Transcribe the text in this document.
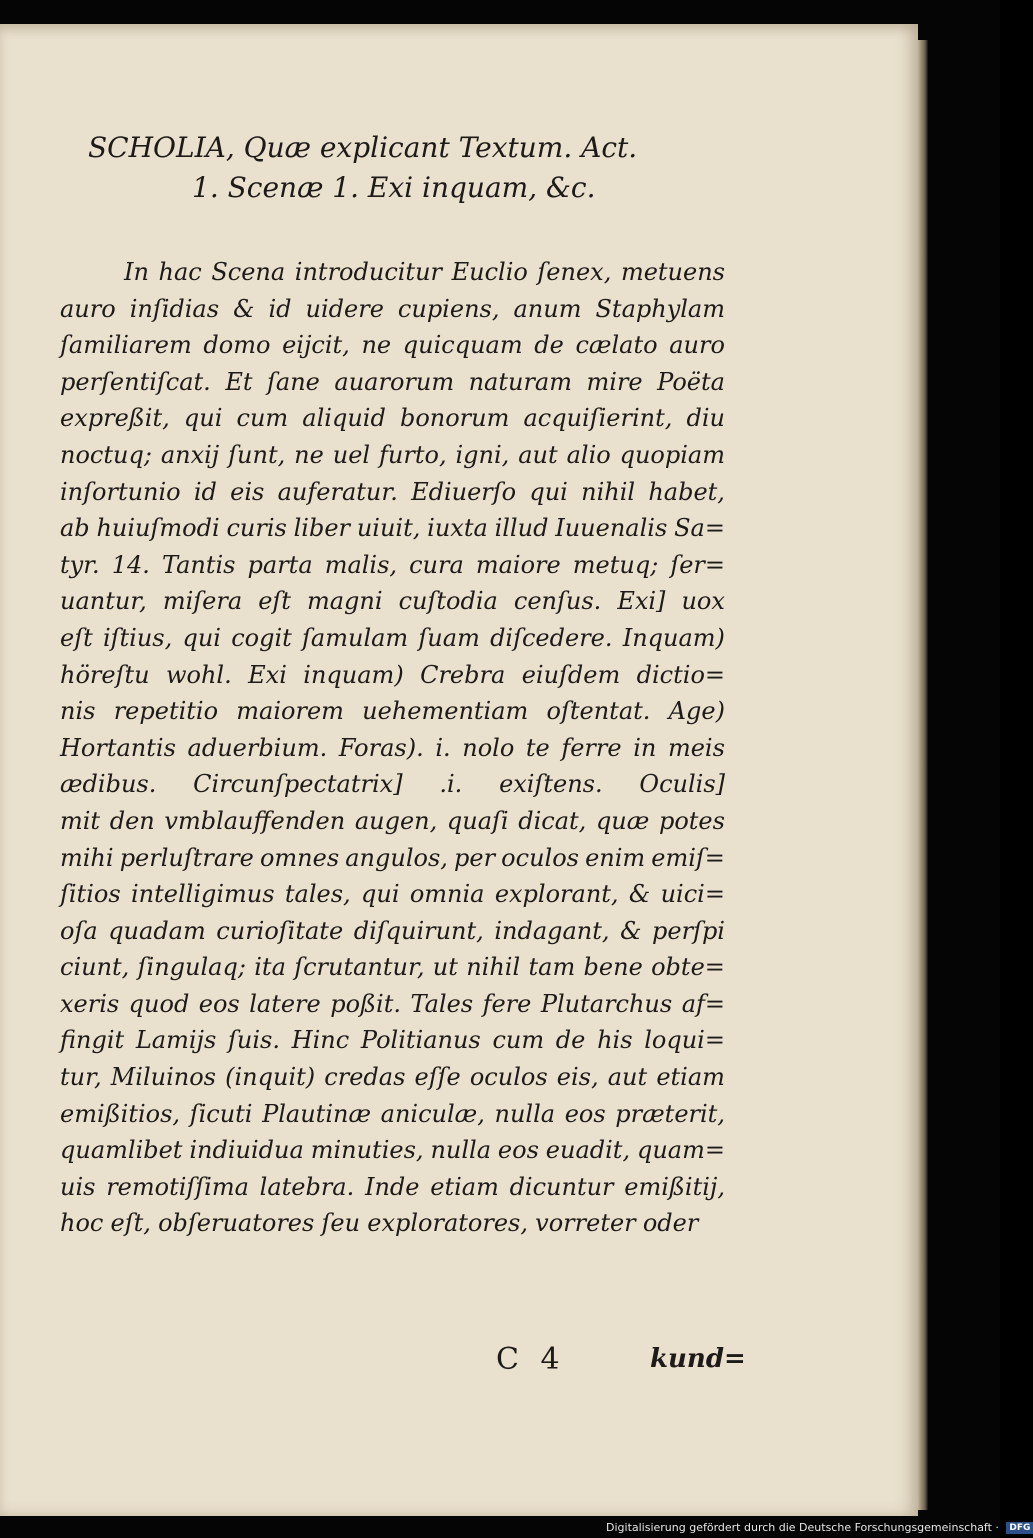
SCHOLIA, Quæ explicant Textum. Act.
1. Scenæ 1. Exi inquam, &c.
In hac Scena introducitur Euclio ſenex, metuens
auro inſidias & id uidere cupiens, anum Staphylam
ſamiliarem domo eijcit, ne quicquam de cælato auro
perſentiſcat. Et ſane auarorum naturam mire Poëta
expreßit, qui cum aliquid bonorum acquiſierint, diu
noctuq; anxij ſunt, ne uel furto, igni, aut alio quopiam
inſortunio id eis auferatur. Ediuerſo qui nihil habet,
ab huiuſmodi curis liber uiuit, iuxta illud Iuuenalis Sa=
tyr. 14. Tantis parta malis, cura maiore metuq; ſer=
uantur, miſera eſt magni cuſtodia cenſus. Exi] uox
eſt iſtius, qui cogit ſamulam ſuam diſcedere. Inquam)
höreſtu wohl. Exi inquam) Crebra eiuſdem dictio=
nis repetitio maiorem uehementiam oſtentat. Age)
Hortantis aduerbium. Foras). i. nolo te ferre in meis
ædibus. Circunſpectatrix] .i. exiſtens. Oculis]
mit den vmblauffenden augen, quaſi dicat, quæ potes
mihi perluſtrare omnes angulos, per oculos enim emiſ=
ſitios intelligimus tales, qui omnia explorant, & uici=
oſa quadam curioſitate diſquirunt, indagant, & perſpi
ciunt, ſingulaq; ita ſcrutantur, ut nihil tam bene obte=
xeris quod eos latere poßit. Tales fere Plutarchus af=
fingit Lamijs ſuis. Hinc Politianus cum de his loqui=
tur, Miluinos (inquit) credas eſſe oculos eis, aut etiam
emißitios, ſicuti Plautinæ aniculæ, nulla eos præterit,
quamlibet indiuidua minuties, nulla eos euadit, quam=
uis remotiſſima latebra. Inde etiam dicuntur emißitij,
hoc eſt, obſeruatores ſeu exploratores, vorreter oder
C 4	kund=
Digitalisierung gefördert durch die Deutsche Forschungsgemeinschaft · DFG
